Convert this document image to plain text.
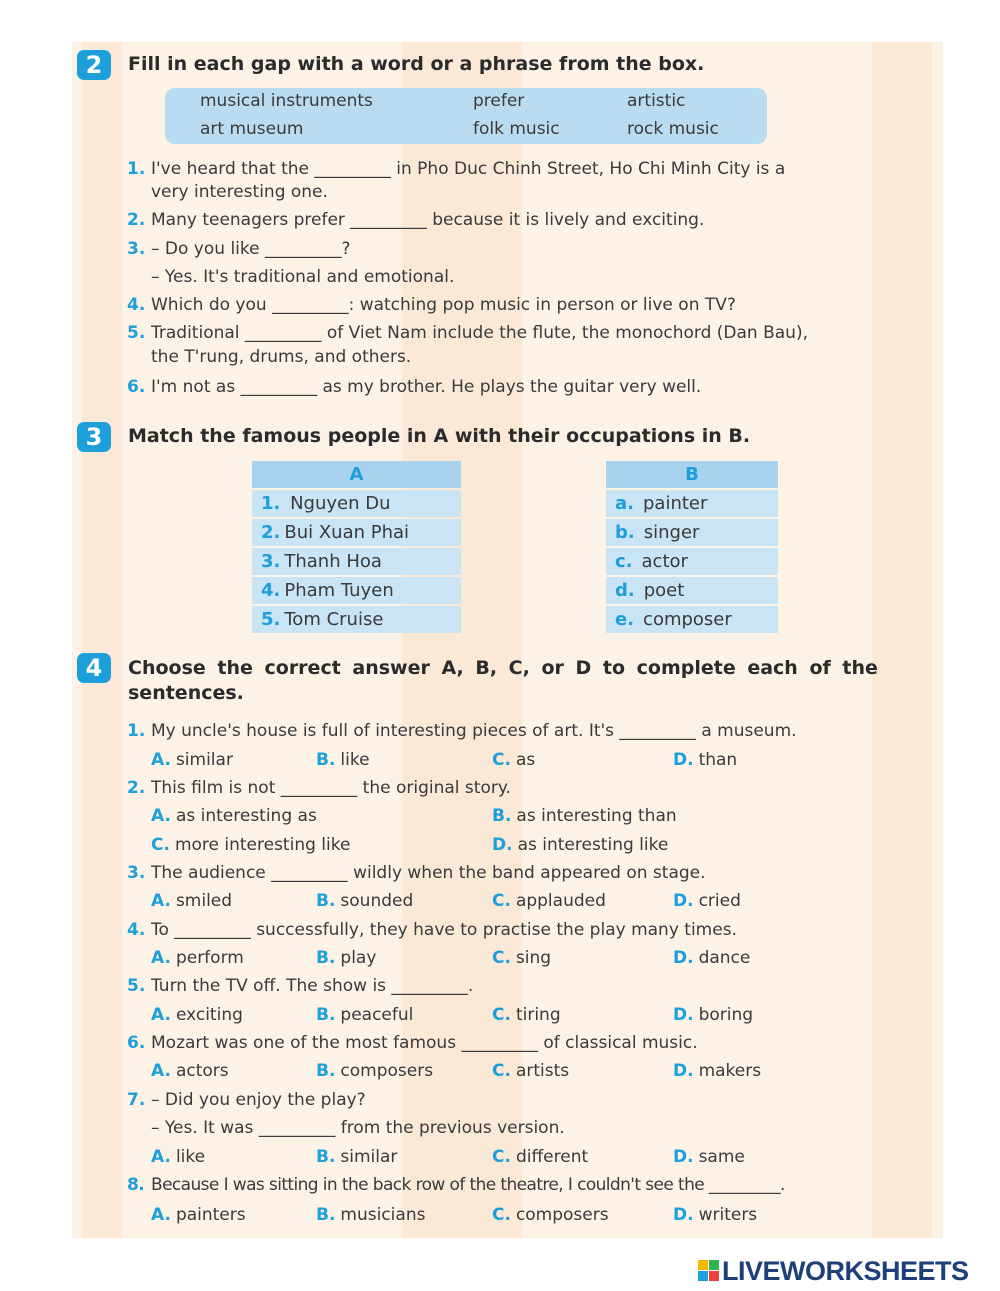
2	Fill in each gap with a word or a phrase from the box.
musical instruments	prefer	artistic
art museum	folk music	rock music
1. I've heard that the _________ in Pho Duc Chinh Street, Ho Chi Minh City is a
very interesting one.
2. Many teenagers prefer _________ because it is lively and exciting.
3. – Do you like _________?
– Yes. It's traditional and emotional.
4. Which do you _________: watching pop music in person or live on TV?
5. Traditional _________ of Viet Nam include the flute, the monochord (Dan Bau),
the T'rung, drums, and others.
6. I'm not as _________ as my brother. He plays the guitar very well.
3	Match the famous people in A with their occupations in B.
A
1. Nguyen Du
2. Bui Xuan Phai
3. Thanh Hoa
4. Pham Tuyen
5. Tom Cruise
B
a. painter
b. singer
c. actor
d. poet
e. composer
4	Choose the correct answer A, B, C, or D to complete each of the
sentences.
1. My uncle's house is full of interesting pieces of art. It's _________ a museum.
A. similar	B. like	C. as	D. than
2. This film is not _________ the original story.
A. as interesting as	B. as interesting than
C. more interesting like	D. as interesting like
3. The audience _________ wildly when the band appeared on stage.
A. smiled	B. sounded	C. applauded	D. cried
4. To _________ successfully, they have to practise the play many times.
A. perform	B. play	C. sing	D. dance
5. Turn the TV off. The show is _________.
A. exciting	B. peaceful	C. tiring	D. boring
6. Mozart was one of the most famous _________ of classical music.
A. actors	B. composers	C. artists	D. makers
7. – Did you enjoy the play?
– Yes. It was _________ from the previous version.
A. like	B. similar	C. different	D. same
8. Because I was sitting in the back row of the theatre, I couldn't see the _________.
A. painters	B. musicians	C. composers	D. writers

LIVEWORKSHEETS
